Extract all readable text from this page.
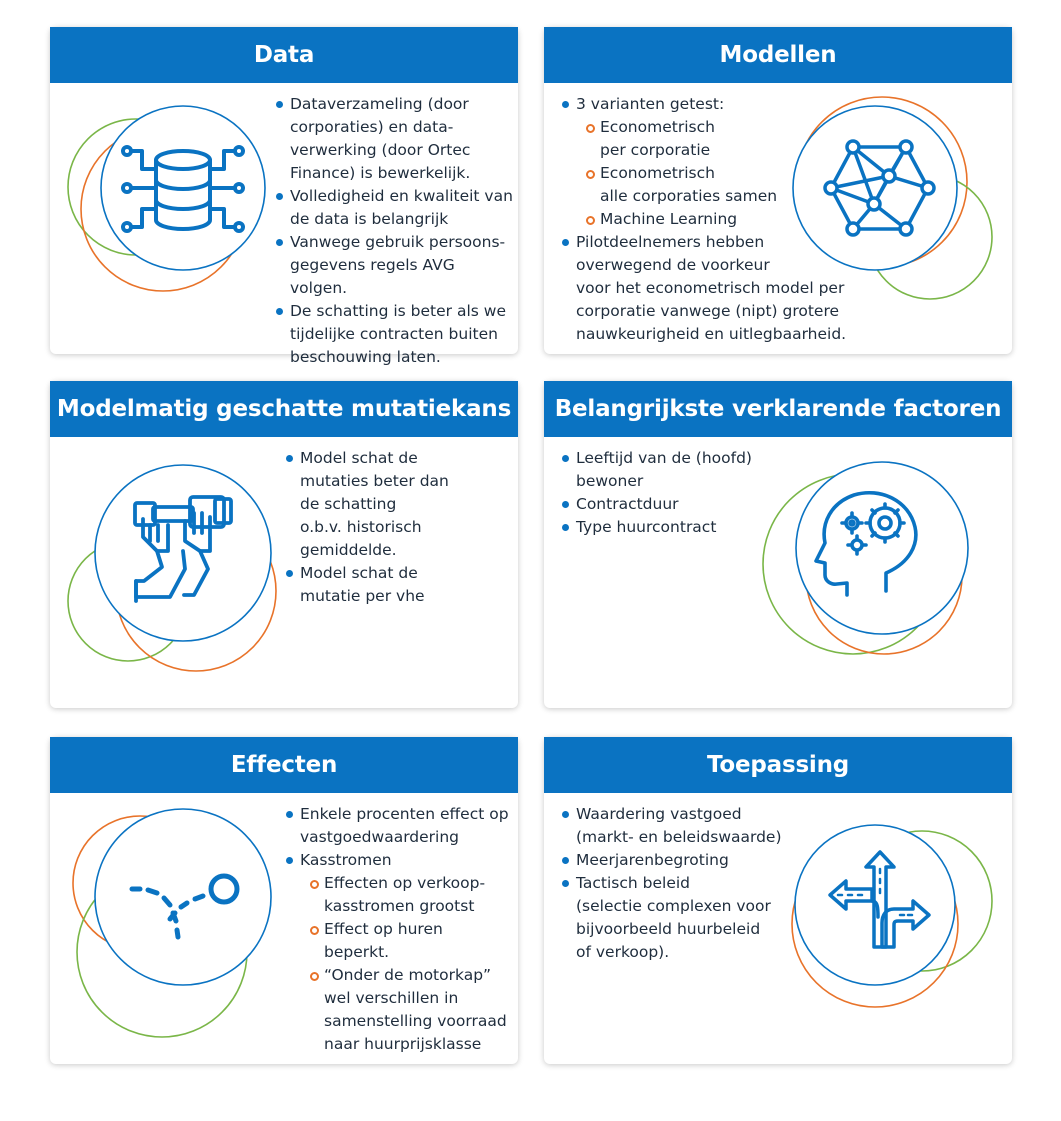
Data
Dataverzameling (door
corporaties) en data-
verwerking (door Ortec
Finance) is bewerkelijk.
Volledigheid en kwaliteit van
de data is belangrijk
Vanwege gebruik persoons-
gegevens regels AVG volgen.
De schatting is beter als we
tijdelijke contracten buiten
beschouwing laten.
Modellen
3 varianten getest:
Econometrisch
per corporatie
Econometrisch
alle corporaties samen
Machine Learning
Pilotdeelnemers hebben
overwegend de voorkeur
voor het econometrisch model per
corporatie vanwege (nipt) grotere
nauwkeurigheid en uitlegbaarheid.
Modelmatig geschatte mutatiekans
Model schat de
mutaties beter dan
de schatting
o.b.v. historisch
gemiddelde.
Model schat de
mutatie per vhe
Belangrijkste verklarende factoren
Leeftijd van de (hoofd)
bewoner
Contractduur
Type huurcontract
Effecten
Enkele procenten effect op
vastgoedwaardering
Kasstromen
Effecten op verkoop-
kasstromen grootst
Effect op huren
beperkt.
“Onder de motorkap”
wel verschillen in
samenstelling voorraad
naar huurprijsklasse
Toepassing
Waardering vastgoed
(markt- en beleidswaarde)
Meerjarenbegroting
Tactisch beleid
(selectie complexen voor
bijvoorbeeld huurbeleid
of verkoop).
